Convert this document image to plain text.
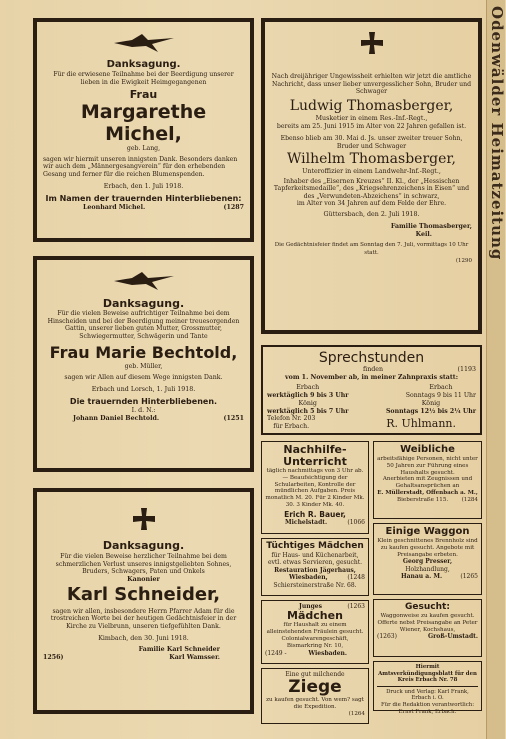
Odenwälder Heimatzeitung
Danksagung.
Für die erwiesene Teilnahme bei der Beerdigung unserer lieben in die Ewigkeit Heimgegangenen
Frau
Margarethe Michel,
geb. Lang,
sagen wir hiermit unseren innigsten Dank. Besonders danken wir auch dem „Männergesangverein“ für den erhebenden Gesang und ferner für die reichen Blumenspenden.
Erbach, den 1. Juli 1918.
Im Namen der trauernden Hinterbliebenen:
Leonhard Michel.	(1287
Danksagung.
Für die vielen Beweise aufrichtiger Teilnahme bei dem Hinscheiden und bei der Beerdigung meiner treuesorgenden Gattin, unserer lieben guten Mutter, Grossmutter, Schwiegermutter, Schwägerin und Tante
Frau Marie Bechtold,
geb. Müller,
sagen wir Allen auf diesem Wege innigsten Dank.
Erbach und Lorsch, 1. Juli 1918.
Die trauernden Hinterbliebenen.
I. d. N.:
Johann Daniel Bechtold.	(1251
Danksagung.
Für die vielen Beweise herzlicher Teilnahme bei dem schmerzlichen Verlust unseres innigstgeliebten Sohnes, Bruders, Schwagers, Paten und Onkels
Kanonier
Karl Schneider,
sagen wir allen, insbesondere Herrn Pfarrer Adam für die trostreichen Worte bei der heutigen Gedächtnisfeier in der Kirche zu Vielbrunn, unseren tiefgefühlten Dank.
Kimbach, den 30. Juni 1918.
Familie Karl Schneider
1256)	Karl Wamsser.
Nach dreijähriger Ungewissheit erhielten wir jetzt die amtliche Nachricht, dass unser lieber unvergesslicher Sohn, Bruder und Schwager
Ludwig Thomasberger,
Musketier in einem Res.-Inf.-Regt.,
bereits am 25. Juni 1915 im Alter von 22 Jahren gefallen ist.
Ebenso blieb am 30. Mai d. Js. unser zweiter treuer Sohn, Bruder und Schwager
Wilhelm Thomasberger,
Unteroffizier in einem Landwehr-Inf.-Regt.,
Inhaber des „Eisernen Kreuzes“ II. Kl., der „Hessischen Tapferkeitsmedaille“, des „Kriegsehrenzeichens in Eisen“ und des „Verwundeten-Abzeichens“ in schwarz,
im Alter von 34 Jahren auf dem Felde der Ehre.
Güttersbach, den 2. Juli 1918.
Familie Thomasberger,
Keil.
Die Gedächtnisfeier findet am Sonntag den 7. Juli, vormittags 10 Uhr statt.
(1290
Sprechstunden
finden	(1193
vom 1. November ab, in meiner Zahnpraxis statt:
Erbach
werktäglich 9 bis 3 Uhr
Erbach
Sonntags 9 bis 11 Uhr
König
werktäglich 5 bis 7 Uhr
König
Sonntags 12½ bis 2¼ Uhr
Telefon Nr. 203
für Erbach.	R. Uhlmann.
Nachhilfe-Unterricht
täglich nachmittags von 3 Uhr ab. — Beaufsichtigung der Schularbeiten, Kontrolle der mündlichen Aufgaben. Preis monatlich M. 20. Für 2 Kinder Mk. 30. 3 Kinder Mk. 40.
Erich R. Bauer,
Michelstadt.	(1066
Weibliche
arbeitsfähige Personen, nicht unter 50 Jahren zur Führung eines Haushalts gesucht.
Anerbieten mit Zeugnissen und Gehaltsansprüchen an
E. Müllerstadt, Offenbach a. M.,
Bieberstraße 115. (1284
Tüchtiges Mädchen
für Haus- und Küchenarbeit, evtl. etwas Servieren, gesucht.
Restauration Jägerhaus,
Wiesbaden,	(1248
Schiersteinerstraße Nr. 68.
Einige Waggon
Klein geschnittenes Brennholz sind zu kaufen gesucht. Angebote mit Preisangabe erbeten.
Georg Presser,
Holzhandlung,
Hanau a. M.	(1265
Junges	(1263
Mädchen
für Haushalt zu einem alleinstehenden Fräulein gesucht. Colonialwarengeschäft, Bismarkring Nr. 10,
(1249 -	Wiesbaden.
Gesucht:
Waggonweise zu kaufen gesucht. Offerte nebst Preisangabe an Peter Wiener, Kochshaus,
(1263)	Groß-Umstadt.
Eine gut milchende
Ziege
zu kaufen gesucht. Von wem? sagt die Expedition.
(1264
Hiermit
Amtsverkündigungsblatt für den Kreis Erbach Nr. 78
Druck und Verlag: Karl Frank, Erbach i. O.
Für die Redaktion verantwortlich: Ernst Frank, Erbach.
